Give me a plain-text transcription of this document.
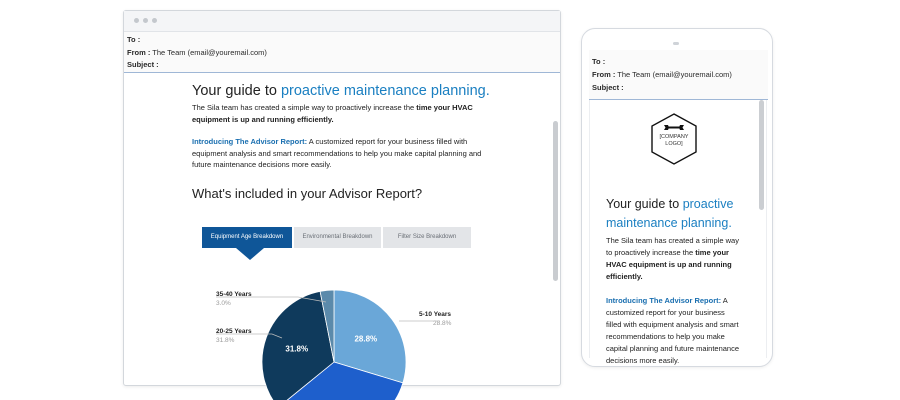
To :
From : The Team (email@youremail.com)
Subject :
Your guide to proactive maintenance planning.
The Sila team has created a simple way to proactively increase the time your HVAC equipment is up and running efficiently.
Introducing The Advisor Report: A customized report for your business filled with equipment analysis and smart recommendations to help you make capital planning and future maintenance decisions more easily.
What's included in your Advisor Report?
Equipment Age Breakdown	Environmental Breakdown	Filter Size Breakdown
28.8%
31.8%
35-40 Years
3.0%
20-25 Years
31.8%
5-10 Years
28.8%
To :
From : The Team (email@youremail.com)
Subject :
[COMPANY
LOGO]
Your guide to proactive maintenance planning.
The Sila team has created a simple way to proactively increase the time your HVAC equipment is up and running efficiently.
Introducing The Advisor Report: A customized report for your business filled with equipment analysis and smart recommendations to help you make capital planning and future maintenance decisions more easily.
